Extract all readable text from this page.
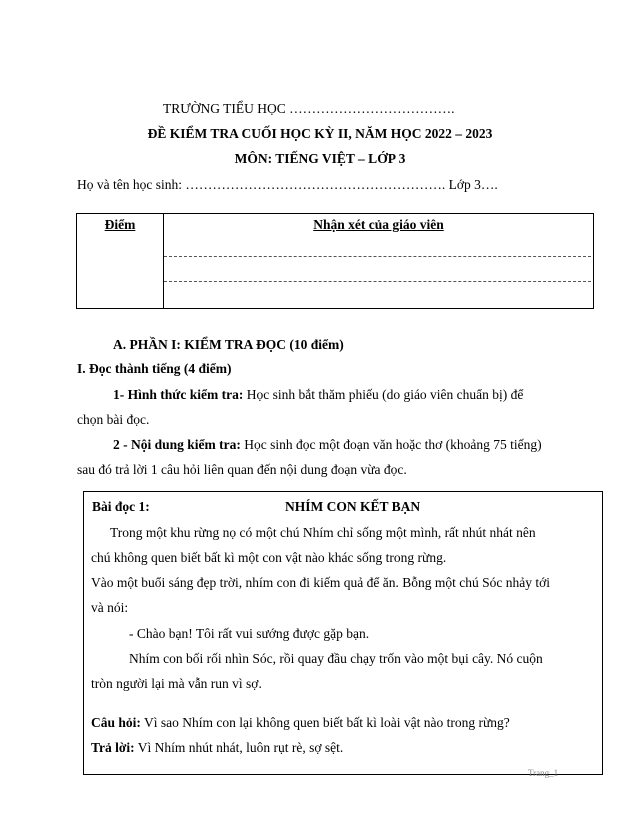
TRƯỜNG TIỂU HỌC ……………………………….
ĐỀ KIỂM TRA CUỐI HỌC KỲ II, NĂM HỌC 2022 – 2023
MÔN: TIẾNG VIỆT – LỚP 3
Họ và tên học sinh: …………………………………………………. Lớp 3….
Điểm	Nhận xét của giáo viên
A. PHẦN I: KIỂM TRA ĐỌC (10 điểm)
I. Đọc thành tiếng (4 điểm)
1- Hình thức kiểm tra: Học sinh bắt thăm phiếu (do giáo viên chuẩn bị) để
chọn bài đọc.
2 - Nội dung kiểm tra: Học sinh đọc một đoạn văn hoặc thơ (khoảng 75 tiếng)
sau đó trả lời 1 câu hỏi liên quan đến nội dung đoạn vừa đọc.
Bài đọc 1:	NHÍM CON KẾT BẠN
Trong một khu rừng nọ có một chú Nhím chỉ sống một mình, rất nhút nhát nên
chú không quen biết bất kì một con vật nào khác sống trong rừng.
Vào một buổi sáng đẹp trời, nhím con đi kiếm quả để ăn. Bỗng một chú Sóc nhảy tới
và nói:
- Chào bạn! Tôi rất vui sướng được gặp bạn.
Nhím con bối rối nhìn Sóc, rồi quay đầu chạy trốn vào một bụi cây. Nó cuộn
tròn người lại mà vẫn run vì sợ.
Câu hỏi: Vì sao Nhím con lại không quen biết bất kì loài vật nào trong rừng?
Trả lời: Vì Nhím nhút nhát, luôn rụt rè, sợ sệt.
Trang_1
